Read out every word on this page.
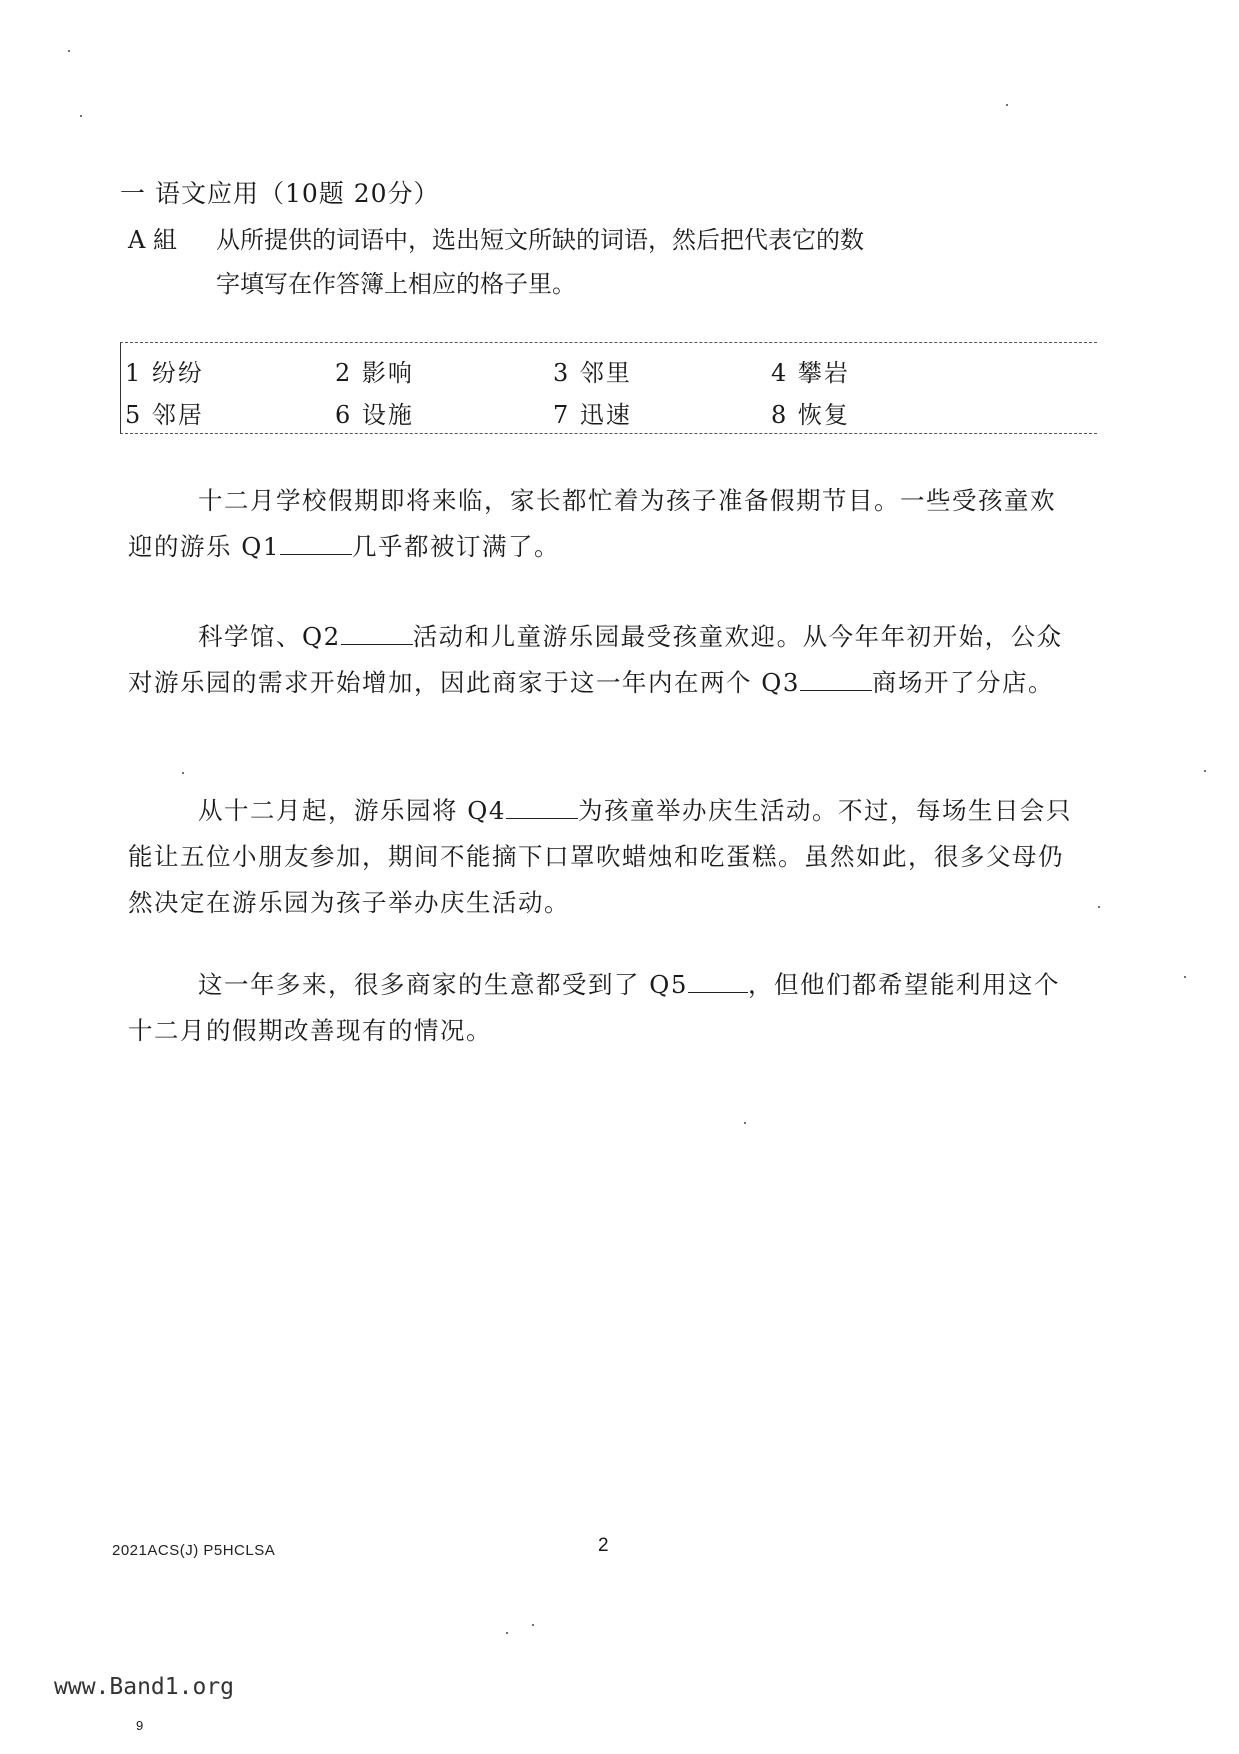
一 语文应用（10题 20分）
A 組 从所提供的词语中，选出短文所缺的词语，然后把代表它的数
字填写在作答簿上相应的格子里。
1 纷纷	2 影响	3 邻里	4 攀岩
5 邻居	6 设施	7 迅速	8 恢复
十二月学校假期即将来临，家长都忙着为孩子准备假期节目。一些受孩童欢迎的游乐 Q1	几乎都被订满了。
科学馆、Q2	活动和儿童游乐园最受孩童欢迎。从今年年初开始，公众对游乐园的需求开始增加，因此商家于这一年内在两个 Q3	商场开了分店。
从十二月起，游乐园将 Q4	为孩童举办庆生活动。不过，每场生日会只能让五位小朋友参加，期间不能摘下口罩吹蜡烛和吃蛋糕。虽然如此，很多父母仍然决定在游乐园为孩子举办庆生活动。
这一年多来，很多商家的生意都受到了 Q5 ，但他们都希望能利用这个十二月的假期改善现有的情况。
2021ACS(J) P5HCLSA	2
www.Band1.org
9
